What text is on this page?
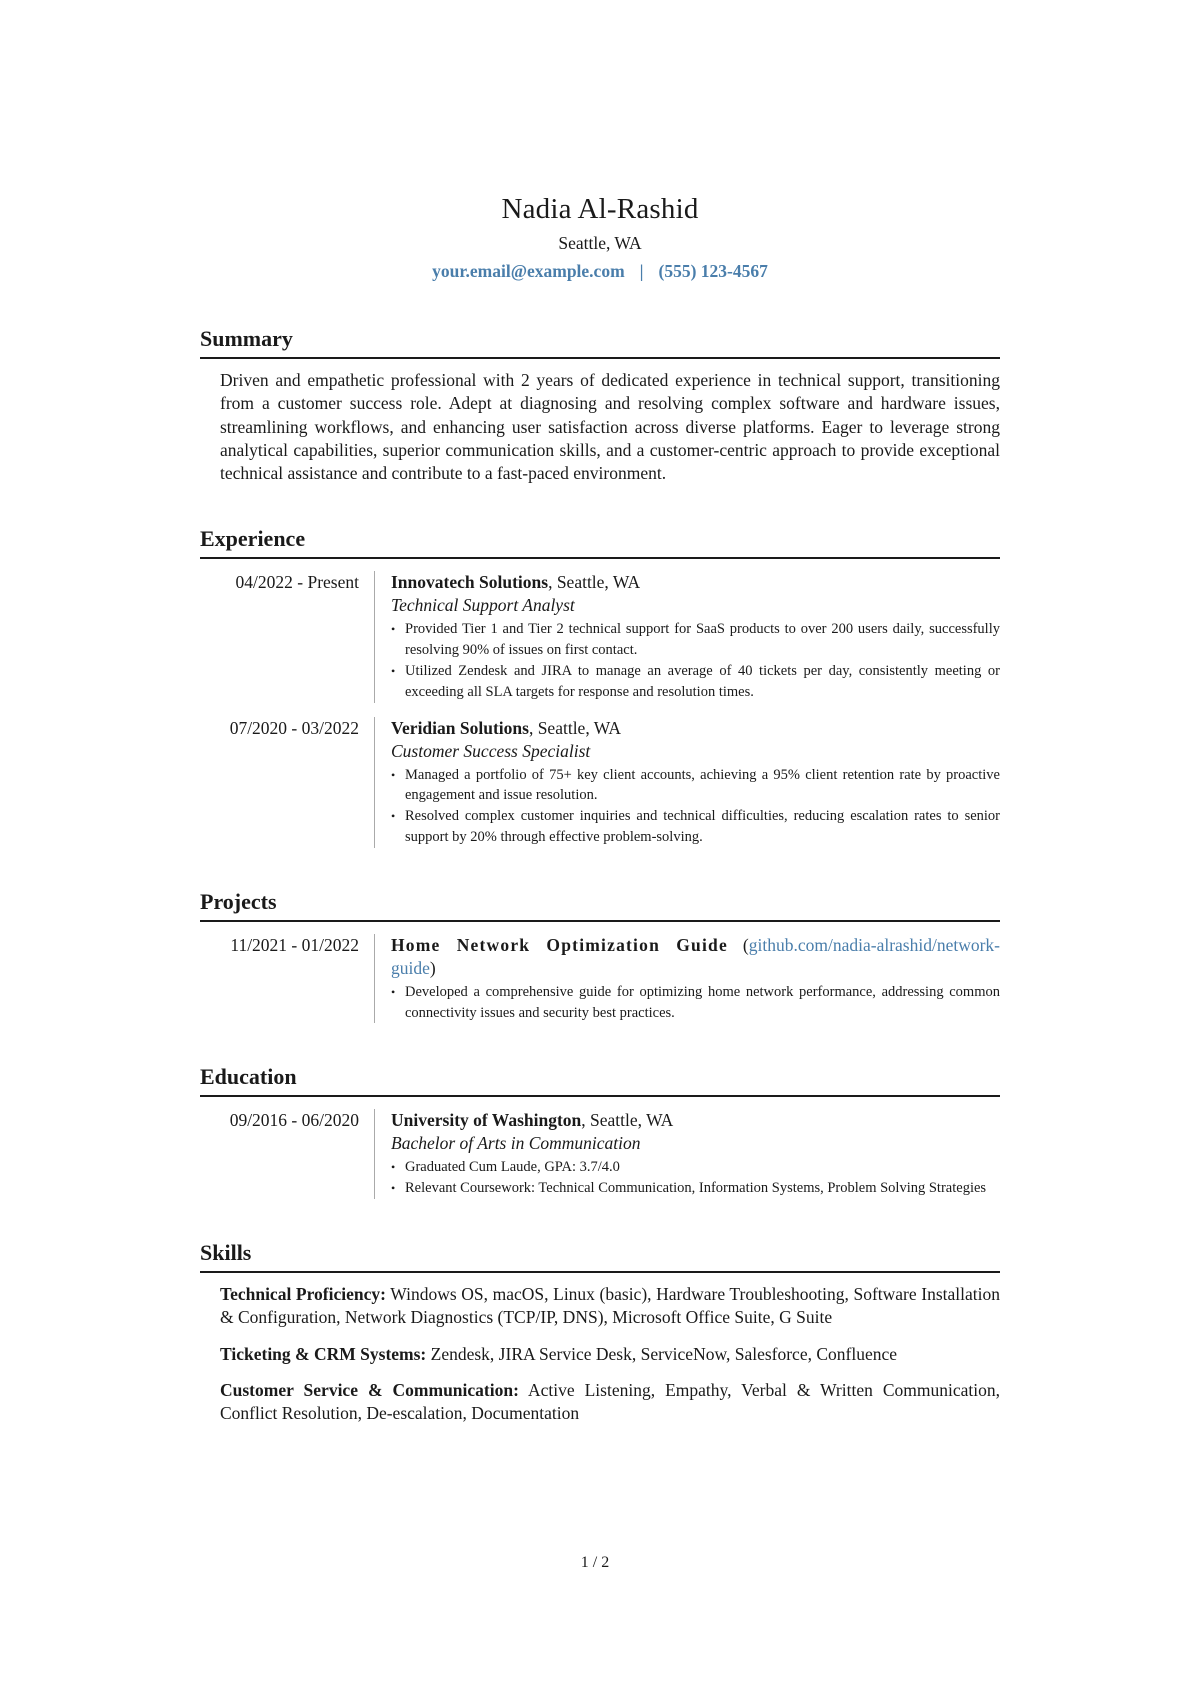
Nadia Al-Rashid
Seattle, WA
your.email@example.com | (555) 123-4567
Summary

Driven and empathetic professional with 2 years of dedicated experience in technical support, transitioning from a customer success role. Adept at diagnosing and resolving complex software and hardware issues, streamlining workflows, and enhancing user satisfaction across diverse platforms. Eager to leverage strong analytical capabilities, superior communication skills, and a customer-centric approach to provide exceptional technical assistance and contribute to a fast-paced environment.

Experience
04/2022 - Present	Innovatech Solutions, Seattle, WA
Technical Support Analyst
• Provided Tier 1 and Tier 2 technical support for SaaS products to over 200 users daily, successfully resolving 90% of issues on first contact.
• Utilized Zendesk and JIRA to manage an average of 40 tickets per day, consistently meeting or exceeding all SLA targets for response and resolution times.
07/2020 - 03/2022	Veridian Solutions, Seattle, WA
Customer Success Specialist
• Managed a portfolio of 75+ key client accounts, achieving a 95% client retention rate by proactive engagement and issue resolution.
• Resolved complex customer inquiries and technical difficulties, reducing escalation rates to senior support by 20% through effective problem-solving.
Projects
11/2021 - 01/2022	Home Network Optimization Guide (github.com/nadia-alrashid/network-guide)
• Developed a comprehensive guide for optimizing home network performance, addressing common connectivity issues and security best practices.
Education
09/2016 - 06/2020	University of Washington, Seattle, WA
Bachelor of Arts in Communication
• Graduated Cum Laude, GPA: 3.7/4.0
• Relevant Coursework: Technical Communication, Information Systems, Problem Solving Strategies
Skills
Technical Proficiency: Windows OS, macOS, Linux (basic), Hardware Troubleshooting, Software Installation & Configuration, Network Diagnostics (TCP/IP, DNS), Microsoft Office Suite, G Suite
Ticketing & CRM Systems: Zendesk, JIRA Service Desk, ServiceNow, Salesforce, Confluence
Customer Service & Communication: Active Listening, Empathy, Verbal & Written Communication, Conflict Resolution, De-escalation, Documentation
1 / 2
